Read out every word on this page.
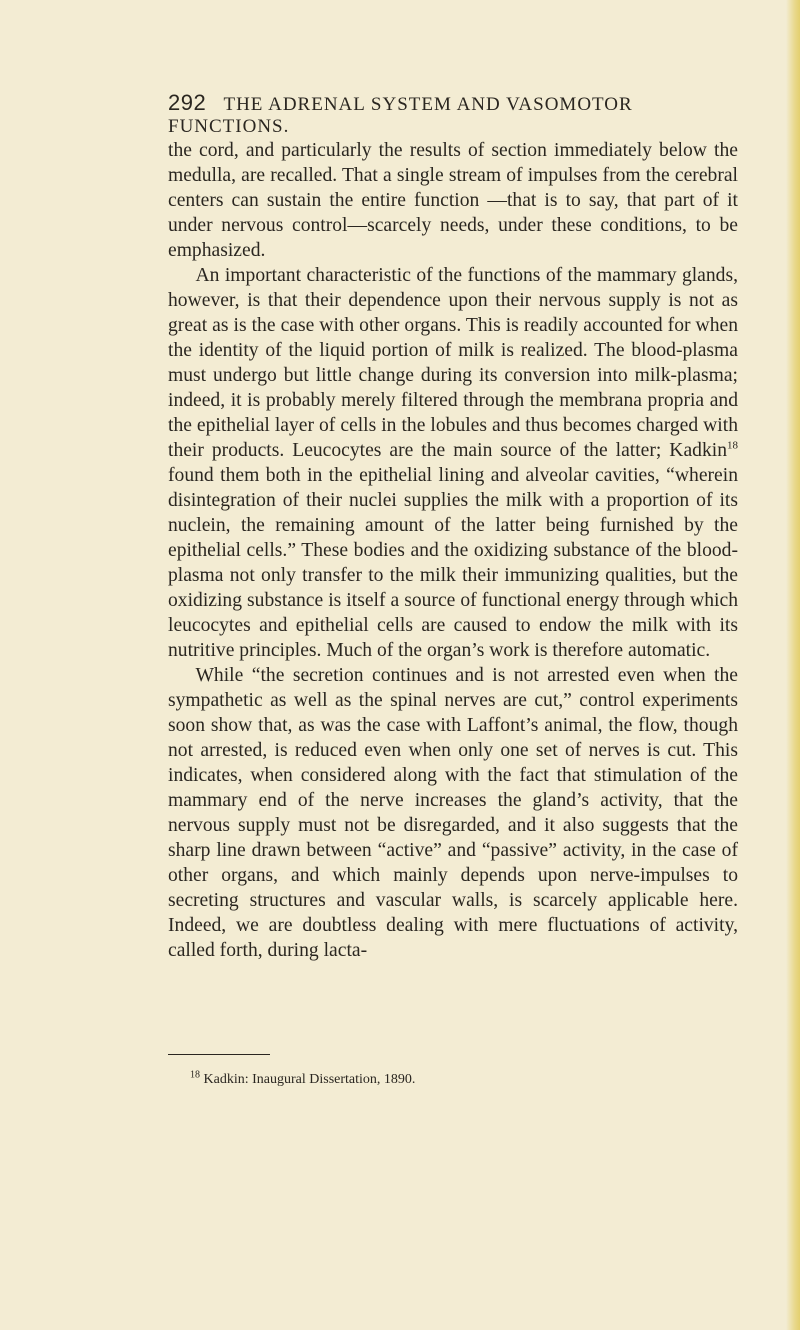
292 THE ADRENAL SYSTEM AND VASOMOTOR FUNCTIONS.

the cord, and particularly the results of section immediately below the medulla, are recalled. That a single stream of impulses from the cerebral centers can sustain the entire function —that is to say, that part of it under nervous control—scarcely needs, under these conditions, to be emphasized.

An important characteristic of the functions of the mammary glands, however, is that their dependence upon their nervous supply is not as great as is the case with other organs. This is readily accounted for when the identity of the liquid portion of milk is realized. The blood-plasma must undergo but little change during its conversion into milk-plasma; indeed, it is probably merely filtered through the membrana propria and the epithelial layer of cells in the lobules and thus becomes charged with their products. Leucocytes are the main source of the latter; Kadkin$^{18}$ found them both in the epithelial lining and alveolar cavities, “wherein disintegration of their nuclei supplies the milk with a proportion of its nuclein, the remaining amount of the latter being furnished by the epithelial cells.” These bodies and the oxidizing substance of the blood-plasma not only transfer to the milk their immunizing qualities, but the oxidizing substance is itself a source of functional energy through which leucocytes and epithelial cells are caused to endow the milk with its nutritive principles. Much of the organ’s work is therefore automatic.

While “the secretion continues and is not arrested even when the sympathetic as well as the spinal nerves are cut,” control experiments soon show that, as was the case with Laffont’s animal, the flow, though not arrested, is reduced even when only one set of nerves is cut. This indicates, when considered along with the fact that stimulation of the mammary end of the nerve increases the gland’s activity, that the nervous supply must not be disregarded, and it also suggests that the sharp line drawn between “active” and “passive” activity, in the case of other organs, and which mainly depends upon nerve-impulses to secreting structures and vascular walls, is scarcely applicable here. Indeed, we are doubtless dealing with mere fluctuations of activity, called forth, during lacta-

$^{18}$ Kadkin: Inaugural Dissertation, 1890.
